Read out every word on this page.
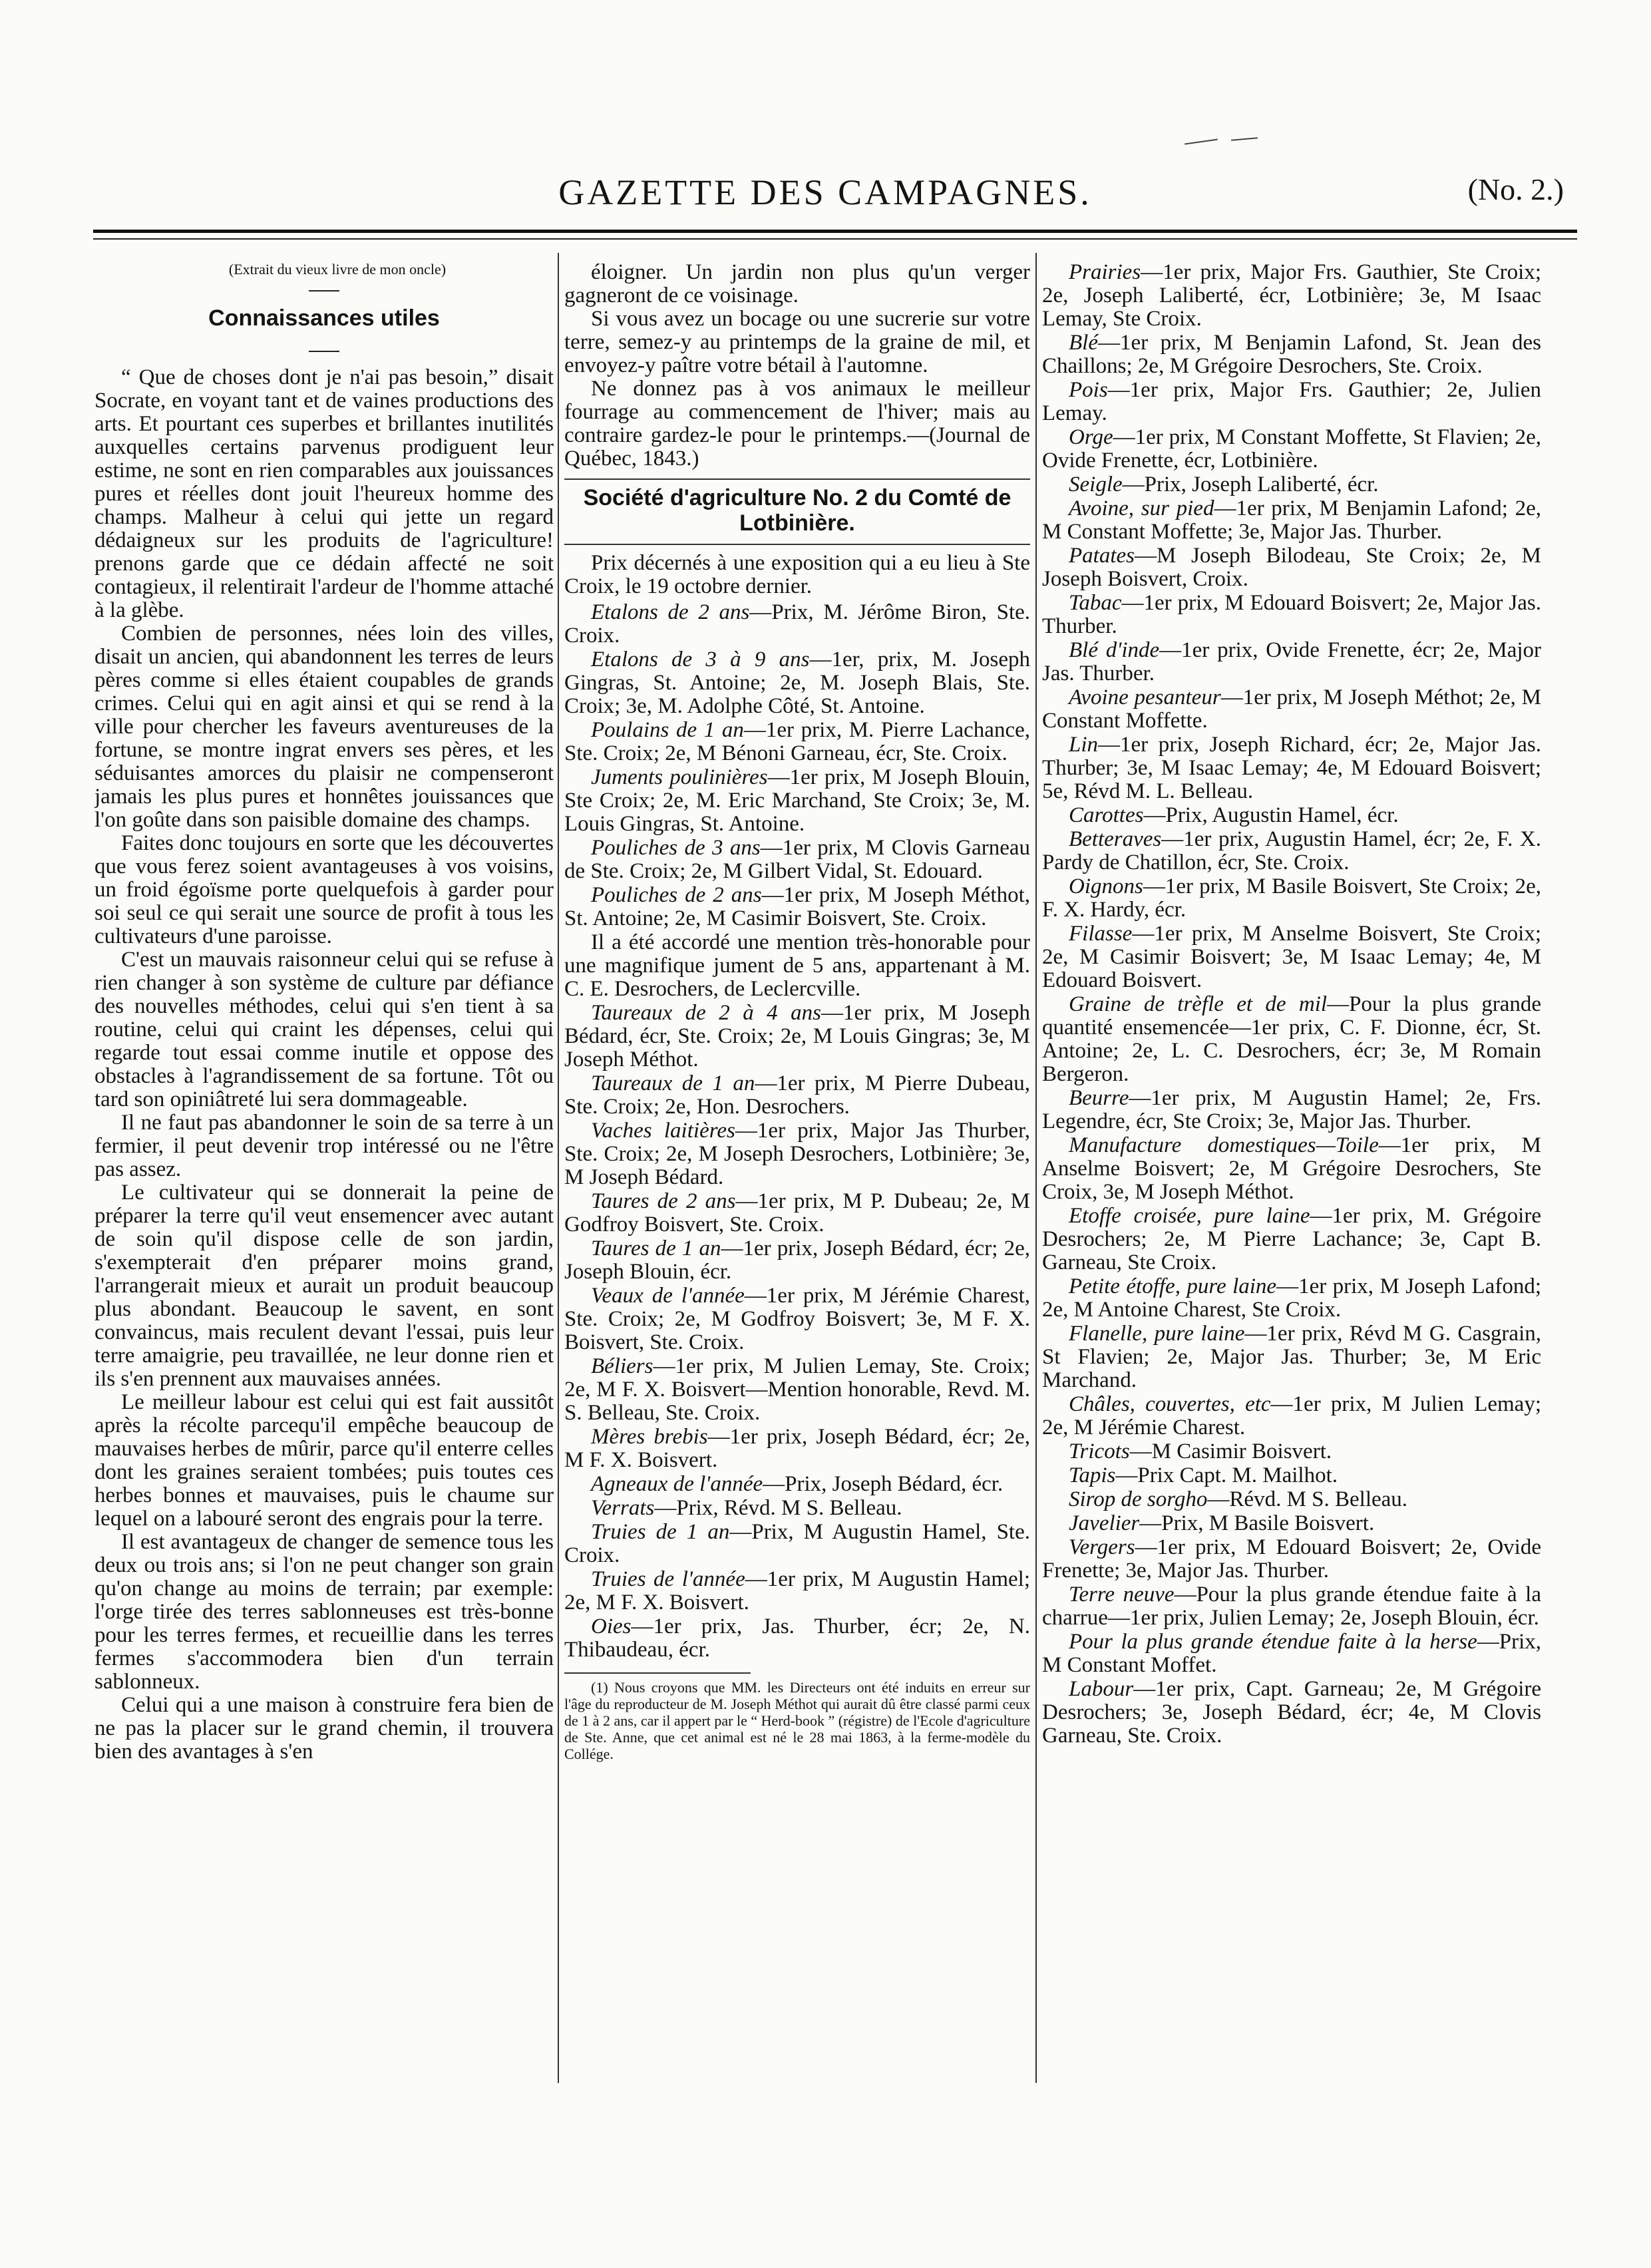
GAZETTE DES CAMPAGNES.	(No. 2.)

(Extrait du vieux livre de mon oncle)

Connaissances utiles

“ Que de choses dont je n'ai pas besoin,” disait Socrate, en voyant tant et de vaines productions des arts. Et pourtant ces superbes et brillantes inutilités auxquelles certains parvenus prodiguent leur estime, ne sont en rien comparables aux jouissances pures et réelles dont jouit l'heureux homme des champs. Malheur à celui qui jette un regard dédaigneux sur les produits de l'agriculture! prenons garde que ce dédain affecté ne soit contagieux, il relentirait l'ardeur de l'homme attaché à la glèbe.

Combien de personnes, nées loin des villes, disait un ancien, qui abandonnent les terres de leurs pères comme si elles étaient coupables de grands crimes. Celui qui en agit ainsi et qui se rend à la ville pour chercher les faveurs aventureuses de la fortune, se montre ingrat envers ses pères, et les séduisantes amorces du plaisir ne compenseront jamais les plus pures et honnêtes jouissances que l'on goûte dans son paisible domaine des champs.

Faites donc toujours en sorte que les découvertes que vous ferez soient avantageuses à vos voisins, un froid égoïsme porte quelquefois à garder pour soi seul ce qui serait une source de profit à tous les cultivateurs d'une paroisse.

C'est un mauvais raisonneur celui qui se refuse à rien changer à son système de culture par défiance des nouvelles méthodes, celui qui s'en tient à sa routine, celui qui craint les dépenses, celui qui regarde tout essai comme inutile et oppose des obstacles à l'agrandissement de sa fortune. Tôt ou tard son opiniâtreté lui sera dommageable.

Il ne faut pas abandonner le soin de sa terre à un fermier, il peut devenir trop intéressé ou ne l'être pas assez.

Le cultivateur qui se donnerait la peine de préparer la terre qu'il veut ensemencer avec autant de soin qu'il dispose celle de son jardin, s'exempterait d'en préparer moins grand, l'arrangerait mieux et aurait un produit beaucoup plus abondant. Beaucoup le savent, en sont convaincus, mais reculent devant l'essai, puis leur terre amaigrie, peu travaillée, ne leur donne rien et ils s'en prennent aux mauvaises années.

Le meilleur labour est celui qui est fait aussitôt après la récolte parcequ'il empêche beaucoup de mauvaises herbes de mûrir, parce qu'il enterre celles dont les graines seraient tombées; puis toutes ces herbes bonnes et mauvaises, puis le chaume sur lequel on a labouré seront des engrais pour la terre.

Il est avantageux de changer de semence tous les deux ou trois ans; si l'on ne peut changer son grain qu'on change au moins de terrain; par exemple: l'orge tirée des terres sablonneuses est très-bonne pour les terres fermes, et recueillie dans les terres fermes s'accommodera bien d'un terrain sablonneux.

Celui qui a une maison à construire fera bien de ne pas la placer sur le grand chemin, il trouvera bien des avantages à s'en

éloigner. Un jardin non plus qu'un verger gagneront de ce voisinage.

Si vous avez un bocage ou une sucrerie sur votre terre, semez-y au printemps de la graine de mil, et envoyez-y paître votre bétail à l'automne.

Ne donnez pas à vos animaux le meilleur fourrage au commencement de l'hiver; mais au contraire gardez-le pour le printemps.—(Journal de Québec, 1843.)

Société d'agriculture No. 2 du Comté de Lotbinière.

Prix décernés à une exposition qui a eu lieu à Ste Croix, le 19 octobre dernier.

Etalons de 2 ans—Prix, M. Jérôme Biron, Ste. Croix.

Etalons de 3 à 9 ans—1er, prix, M. Joseph Gingras, St. Antoine; 2e, M. Joseph Blais, Ste. Croix; 3e, M. Adolphe Côté, St. Antoine.

Poulains de 1 an—1er prix, M. Pierre Lachance, Ste. Croix; 2e, M Bénoni Garneau, écr, Ste. Croix.

Juments poulinières—1er prix, M Joseph Blouin, Ste Croix; 2e, M. Eric Marchand, Ste Croix; 3e, M. Louis Gingras, St. Antoine.

Pouliches de 3 ans—1er prix, M Clovis Garneau de Ste. Croix; 2e, M Gilbert Vidal, St. Edouard.

Pouliches de 2 ans—1er prix, M Joseph Méthot, St. Antoine; 2e, M Casimir Boisvert, Ste. Croix.

Il a été accordé une mention très-honorable pour une magnifique jument de 5 ans, appartenant à M. C. E. Desrochers, de Leclercville.

Taureaux de 2 à 4 ans—1er prix, M Joseph Bédard, écr, Ste. Croix; 2e, M Louis Gingras; 3e, M Joseph Méthot.

Taureaux de 1 an—1er prix, M Pierre Dubeau, Ste. Croix; 2e, Hon. Desrochers.

Vaches laitières—1er prix, Major Jas Thurber, Ste. Croix; 2e, M Joseph Desrochers, Lotbinière; 3e, M Joseph Bédard.

Taures de 2 ans—1er prix, M P. Dubeau; 2e, M Godfroy Boisvert, Ste. Croix.

Taures de 1 an—1er prix, Joseph Bédard, écr; 2e, Joseph Blouin, écr.

Veaux de l'année—1er prix, M Jérémie Charest, Ste. Croix; 2e, M Godfroy Boisvert; 3e, M F. X. Boisvert, Ste. Croix.

Béliers—1er prix, M Julien Lemay, Ste. Croix; 2e, M F. X. Boisvert—Mention honorable, Revd. M. S. Belleau, Ste. Croix.

Mères brebis—1er prix, Joseph Bédard, écr; 2e, M F. X. Boisvert.

Agneaux de l'année—Prix, Joseph Bédard, écr.

Verrats—Prix, Révd. M S. Belleau.

Truies de 1 an—Prix, M Augustin Hamel, Ste. Croix.

Truies de l'année—1er prix, M Augustin Hamel; 2e, M F. X. Boisvert.

Oies—1er prix, Jas. Thurber, écr; 2e, N. Thibaudeau, écr.

(1) Nous croyons que MM. les Directeurs ont été induits en erreur sur l'âge du reproducteur de M. Joseph Méthot qui aurait dû être classé parmi ceux de 1 à 2 ans, car il appert par le “ Herd-book ” (régistre) de l'Ecole d'agriculture de Ste. Anne, que cet animal est né le 28 mai 1863, à la ferme-modèle du Collége.

Prairies—1er prix, Major Frs. Gauthier, Ste Croix; 2e, Joseph Laliberté, écr, Lotbinière; 3e, M Isaac Lemay, Ste Croix.

Blé—1er prix, M Benjamin Lafond, St. Jean des Chaillons; 2e, M Grégoire Desrochers, Ste. Croix.

Pois—1er prix, Major Frs. Gauthier; 2e, Julien Lemay.

Orge—1er prix, M Constant Moffette, St Flavien; 2e, Ovide Frenette, écr, Lotbinière.

Seigle—Prix, Joseph Laliberté, écr.

Avoine, sur pied—1er prix, M Benjamin Lafond; 2e, M Constant Moffette; 3e, Major Jas. Thurber.

Patates—M Joseph Bilodeau, Ste Croix; 2e, M Joseph Boisvert, Croix.

Tabac—1er prix, M Edouard Boisvert; 2e, Major Jas. Thurber.

Blé d'inde—1er prix, Ovide Frenette, écr; 2e, Major Jas. Thurber.

Avoine pesanteur—1er prix, M Joseph Méthot; 2e, M Constant Moffette.

Lin—1er prix, Joseph Richard, écr; 2e, Major Jas. Thurber; 3e, M Isaac Lemay; 4e, M Edouard Boisvert; 5e, Révd M. L. Belleau.

Carottes—Prix, Augustin Hamel, écr.

Betteraves—1er prix, Augustin Hamel, écr; 2e, F. X. Pardy de Chatillon, écr, Ste. Croix.

Oignons—1er prix, M Basile Boisvert, Ste Croix; 2e, F. X. Hardy, écr.

Filasse—1er prix, M Anselme Boisvert, Ste Croix; 2e, M Casimir Boisvert; 3e, M Isaac Lemay; 4e, M Edouard Boisvert.

Graine de trèfle et de mil—Pour la plus grande quantité ensemencée—1er prix, C. F. Dionne, écr, St. Antoine; 2e, L. C. Desrochers, écr; 3e, M Romain Bergeron.

Beurre—1er prix, M Augustin Hamel; 2e, Frs. Legendre, écr, Ste Croix; 3e, Major Jas. Thurber.

Manufacture domestiques—Toile—1er prix, M Anselme Boisvert; 2e, M Grégoire Desrochers, Ste Croix, 3e, M Joseph Méthot.

Etoffe croisée, pure laine—1er prix, M. Grégoire Desrochers; 2e, M Pierre Lachance; 3e, Capt B. Garneau, Ste Croix.

Petite étoffe, pure laine—1er prix, M Joseph Lafond; 2e, M Antoine Charest, Ste Croix.

Flanelle, pure laine—1er prix, Révd M G. Casgrain, St Flavien; 2e, Major Jas. Thurber; 3e, M Eric Marchand.

Châles, couvertes, etc—1er prix, M Julien Lemay; 2e, M Jérémie Charest.

Tricots—M Casimir Boisvert.

Tapis—Prix Capt. M. Mailhot.

Sirop de sorgho—Révd. M S. Belleau.

Javelier—Prix, M Basile Boisvert.

Vergers—1er prix, M Edouard Boisvert; 2e, Ovide Frenette; 3e, Major Jas. Thurber.

Terre neuve—Pour la plus grande étendue faite à la charrue—1er prix, Julien Lemay; 2e, Joseph Blouin, écr.

Pour la plus grande étendue faite à la herse—Prix, M Constant Moffet.

Labour—1er prix, Capt. Garneau; 2e, M Grégoire Desrochers; 3e, Joseph Bédard, écr; 4e, M Clovis Garneau, Ste. Croix.
